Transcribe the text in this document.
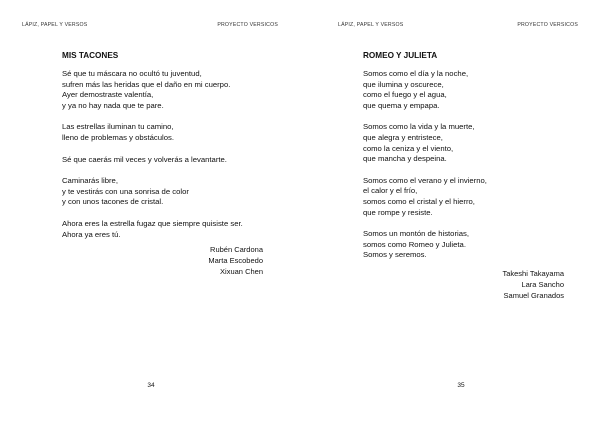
LÁPIZ, PAPEL Y VERSOS	PROYECTO VERSICOS
MIS TACONES
Sé que tu máscara no ocultó tu juventud,
sufren más las heridas que el daño en mi cuerpo.
Ayer demostraste valentía,
y ya no hay nada que te pare.
Las estrellas iluminan tu camino,
lleno de problemas y obstáculos.
Sé que caerás mil veces y volverás a levantarte.
Caminarás libre,
y te vestirás con una sonrisa de color
y con unos tacones de cristal.
Ahora eres la estrella fugaz que siempre quisiste ser.
Ahora ya eres tú.
Rubén Cardona
Marta Escobedo
Xixuan Chen
34
LÁPIZ, PAPEL Y VERSOS	PROYECTO VERSICOS
ROMEO Y JULIETA
Somos como el día y la noche,
que ilumina y oscurece,
como el fuego y el agua,
que quema y empapa.
Somos como la vida y la muerte,
que alegra y entristece,
como la ceniza y el viento,
que mancha y despeina.
Somos como el verano y el invierno,
el calor y el frío,
somos como el cristal y el hierro,
que rompe y resiste.
Somos un montón de historias,
somos como Romeo y Julieta.
Somos y seremos.
Takeshi Takayama
Lara Sancho
Samuel Granados
35
